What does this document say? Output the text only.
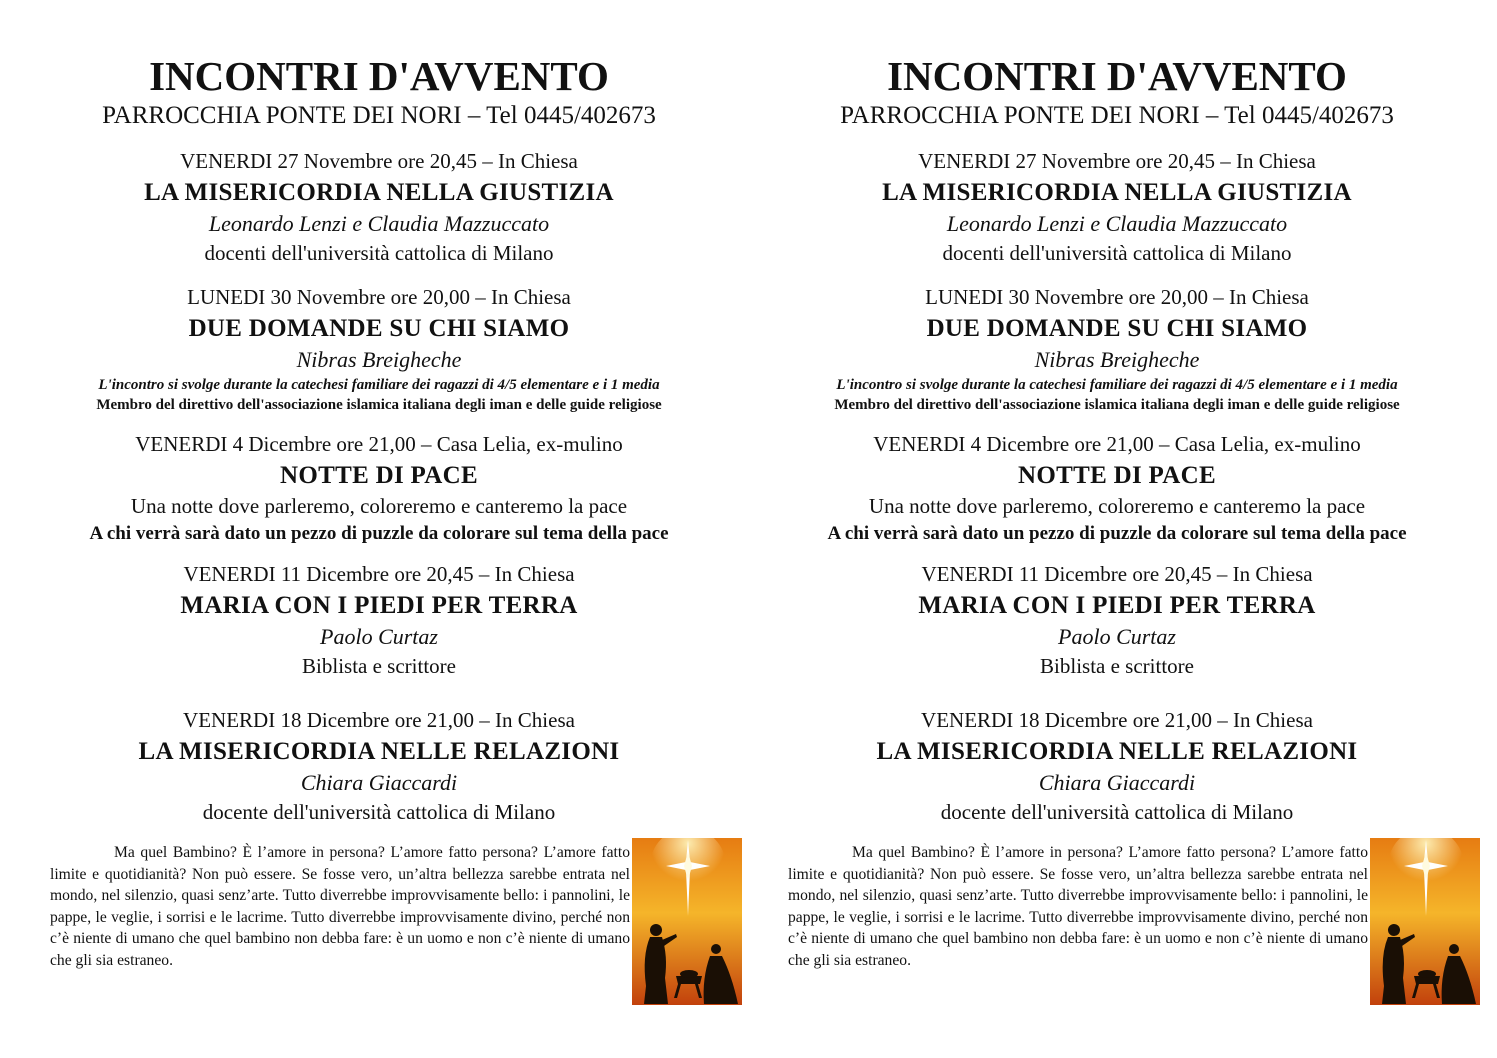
INCONTRI D'AVVENTO
PARROCCHIA PONTE DEI NORI – Tel 0445/402673
VENERDI 27 Novembre ore 20,45 – In Chiesa
LA MISERICORDIA NELLA GIUSTIZIA
Leonardo Lenzi e Claudia Mazzuccato
docenti dell'università cattolica di Milano
LUNEDI 30 Novembre ore 20,00 – In Chiesa
DUE DOMANDE SU CHI SIAMO
Nibras Breigheche
L'incontro si svolge durante la catechesi familiare dei ragazzi di 4/5 elementare e i 1 media
Membro del direttivo dell'associazione islamica italiana degli iman e delle guide religiose
VENERDI 4 Dicembre ore 21,00 – Casa Lelia, ex-mulino
NOTTE DI PACE
Una notte dove parleremo, coloreremo e canteremo la pace
A chi verrà sarà dato un pezzo di puzzle da colorare sul tema della pace
VENERDI 11 Dicembre ore 20,45 – In Chiesa
MARIA CON I PIEDI PER TERRA
Paolo Curtaz
Biblista e scrittore
VENERDI 18 Dicembre ore 21,00 – In Chiesa
LA MISERICORDIA NELLE RELAZIONI
Chiara Giaccardi
docente dell'università cattolica di Milano

Ma quel Bambino? È l’amore in persona? L’amore fatto persona? L’amore fatto limite e quotidianità? Non può essere. Se fosse vero, un’altra bellezza sarebbe entrata nel mondo, nel silenzio, quasi senz’arte. Tutto diverrebbe improvvisamente bello: i pannolini, le pappe, le veglie, i sorrisi e le lacrime. Tutto diverrebbe improvvisamente divino, perché non c’è niente di umano che quel bambino non debba fare: è un uomo e non c’è niente di umano che gli sia estraneo.

INCONTRI D'AVVENTO
PARROCCHIA PONTE DEI NORI – Tel 0445/402673
VENERDI 27 Novembre ore 20,45 – In Chiesa
LA MISERICORDIA NELLA GIUSTIZIA
Leonardo Lenzi e Claudia Mazzuccato
docenti dell'università cattolica di Milano
LUNEDI 30 Novembre ore 20,00 – In Chiesa
DUE DOMANDE SU CHI SIAMO
Nibras Breigheche
L'incontro si svolge durante la catechesi familiare dei ragazzi di 4/5 elementare e i 1 media
Membro del direttivo dell'associazione islamica italiana degli iman e delle guide religiose
VENERDI 4 Dicembre ore 21,00 – Casa Lelia, ex-mulino
NOTTE DI PACE
Una notte dove parleremo, coloreremo e canteremo la pace
A chi verrà sarà dato un pezzo di puzzle da colorare sul tema della pace
VENERDI 11 Dicembre ore 20,45 – In Chiesa
MARIA CON I PIEDI PER TERRA
Paolo Curtaz
Biblista e scrittore
VENERDI 18 Dicembre ore 21,00 – In Chiesa
LA MISERICORDIA NELLE RELAZIONI
Chiara Giaccardi
docente dell'università cattolica di Milano

Ma quel Bambino? È l’amore in persona? L’amore fatto persona? L’amore fatto limite e quotidianità? Non può essere. Se fosse vero, un’altra bellezza sarebbe entrata nel mondo, nel silenzio, quasi senz’arte. Tutto diverrebbe improvvisamente bello: i pannolini, le pappe, le veglie, i sorrisi e le lacrime. Tutto diverrebbe improvvisamente divino, perché non c’è niente di umano che quel bambino non debba fare: è un uomo e non c’è niente di umano che gli sia estraneo.
